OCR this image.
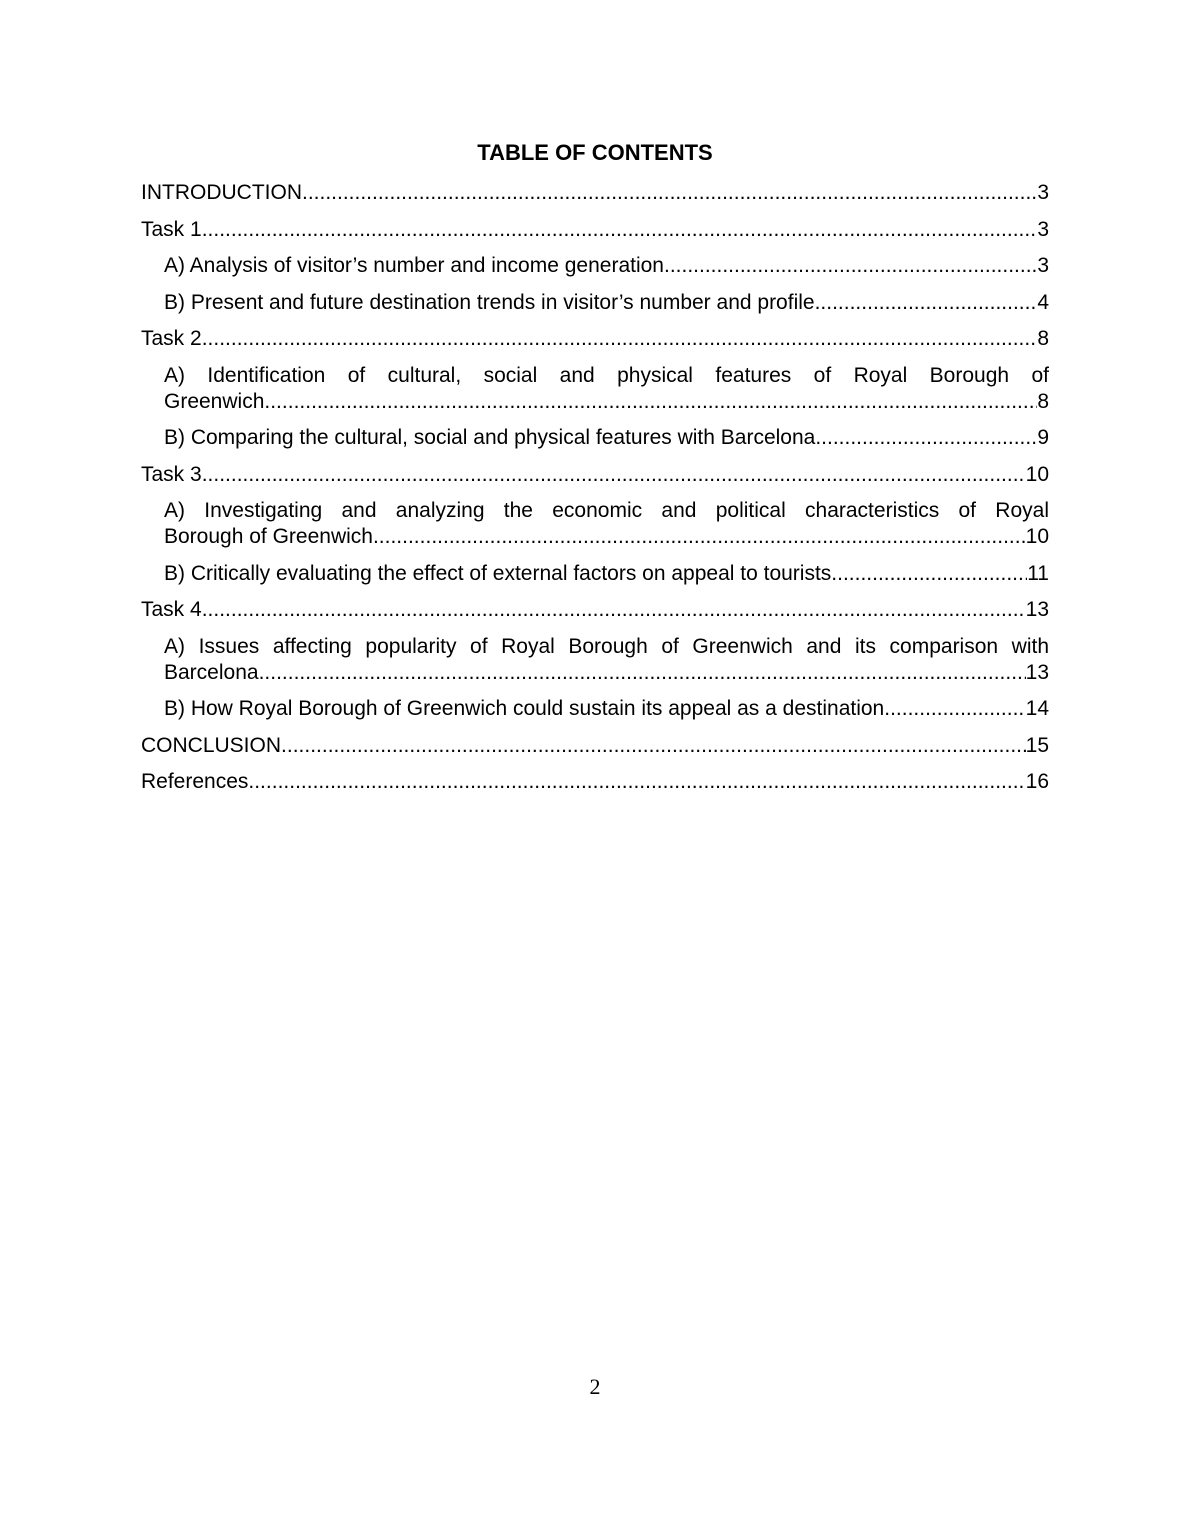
TABLE OF CONTENTS
INTRODUCTION .....	3
Task 1 .....	3
A) Analysis of visitor’s number and income generation .....	3
B) Present and future destination trends in visitor’s number and profile .....	4
Task 2 .....	8
A) Identification of cultural, social and physical features of Royal Borough of
Greenwich .....	8
B) Comparing the cultural, social and physical features with Barcelona .....	9
Task 3 .....	10
A) Investigating and analyzing the economic and political characteristics of Royal
Borough of Greenwich .....	10
B) Critically evaluating the effect of external factors on appeal to tourists .....	11
Task 4 .....	13
A) Issues affecting popularity of Royal Borough of Greenwich and its comparison with
Barcelona .....	13
B) How Royal Borough of Greenwich could sustain its appeal as a destination .....	14
CONCLUSION .....	15
References .....	16
2
